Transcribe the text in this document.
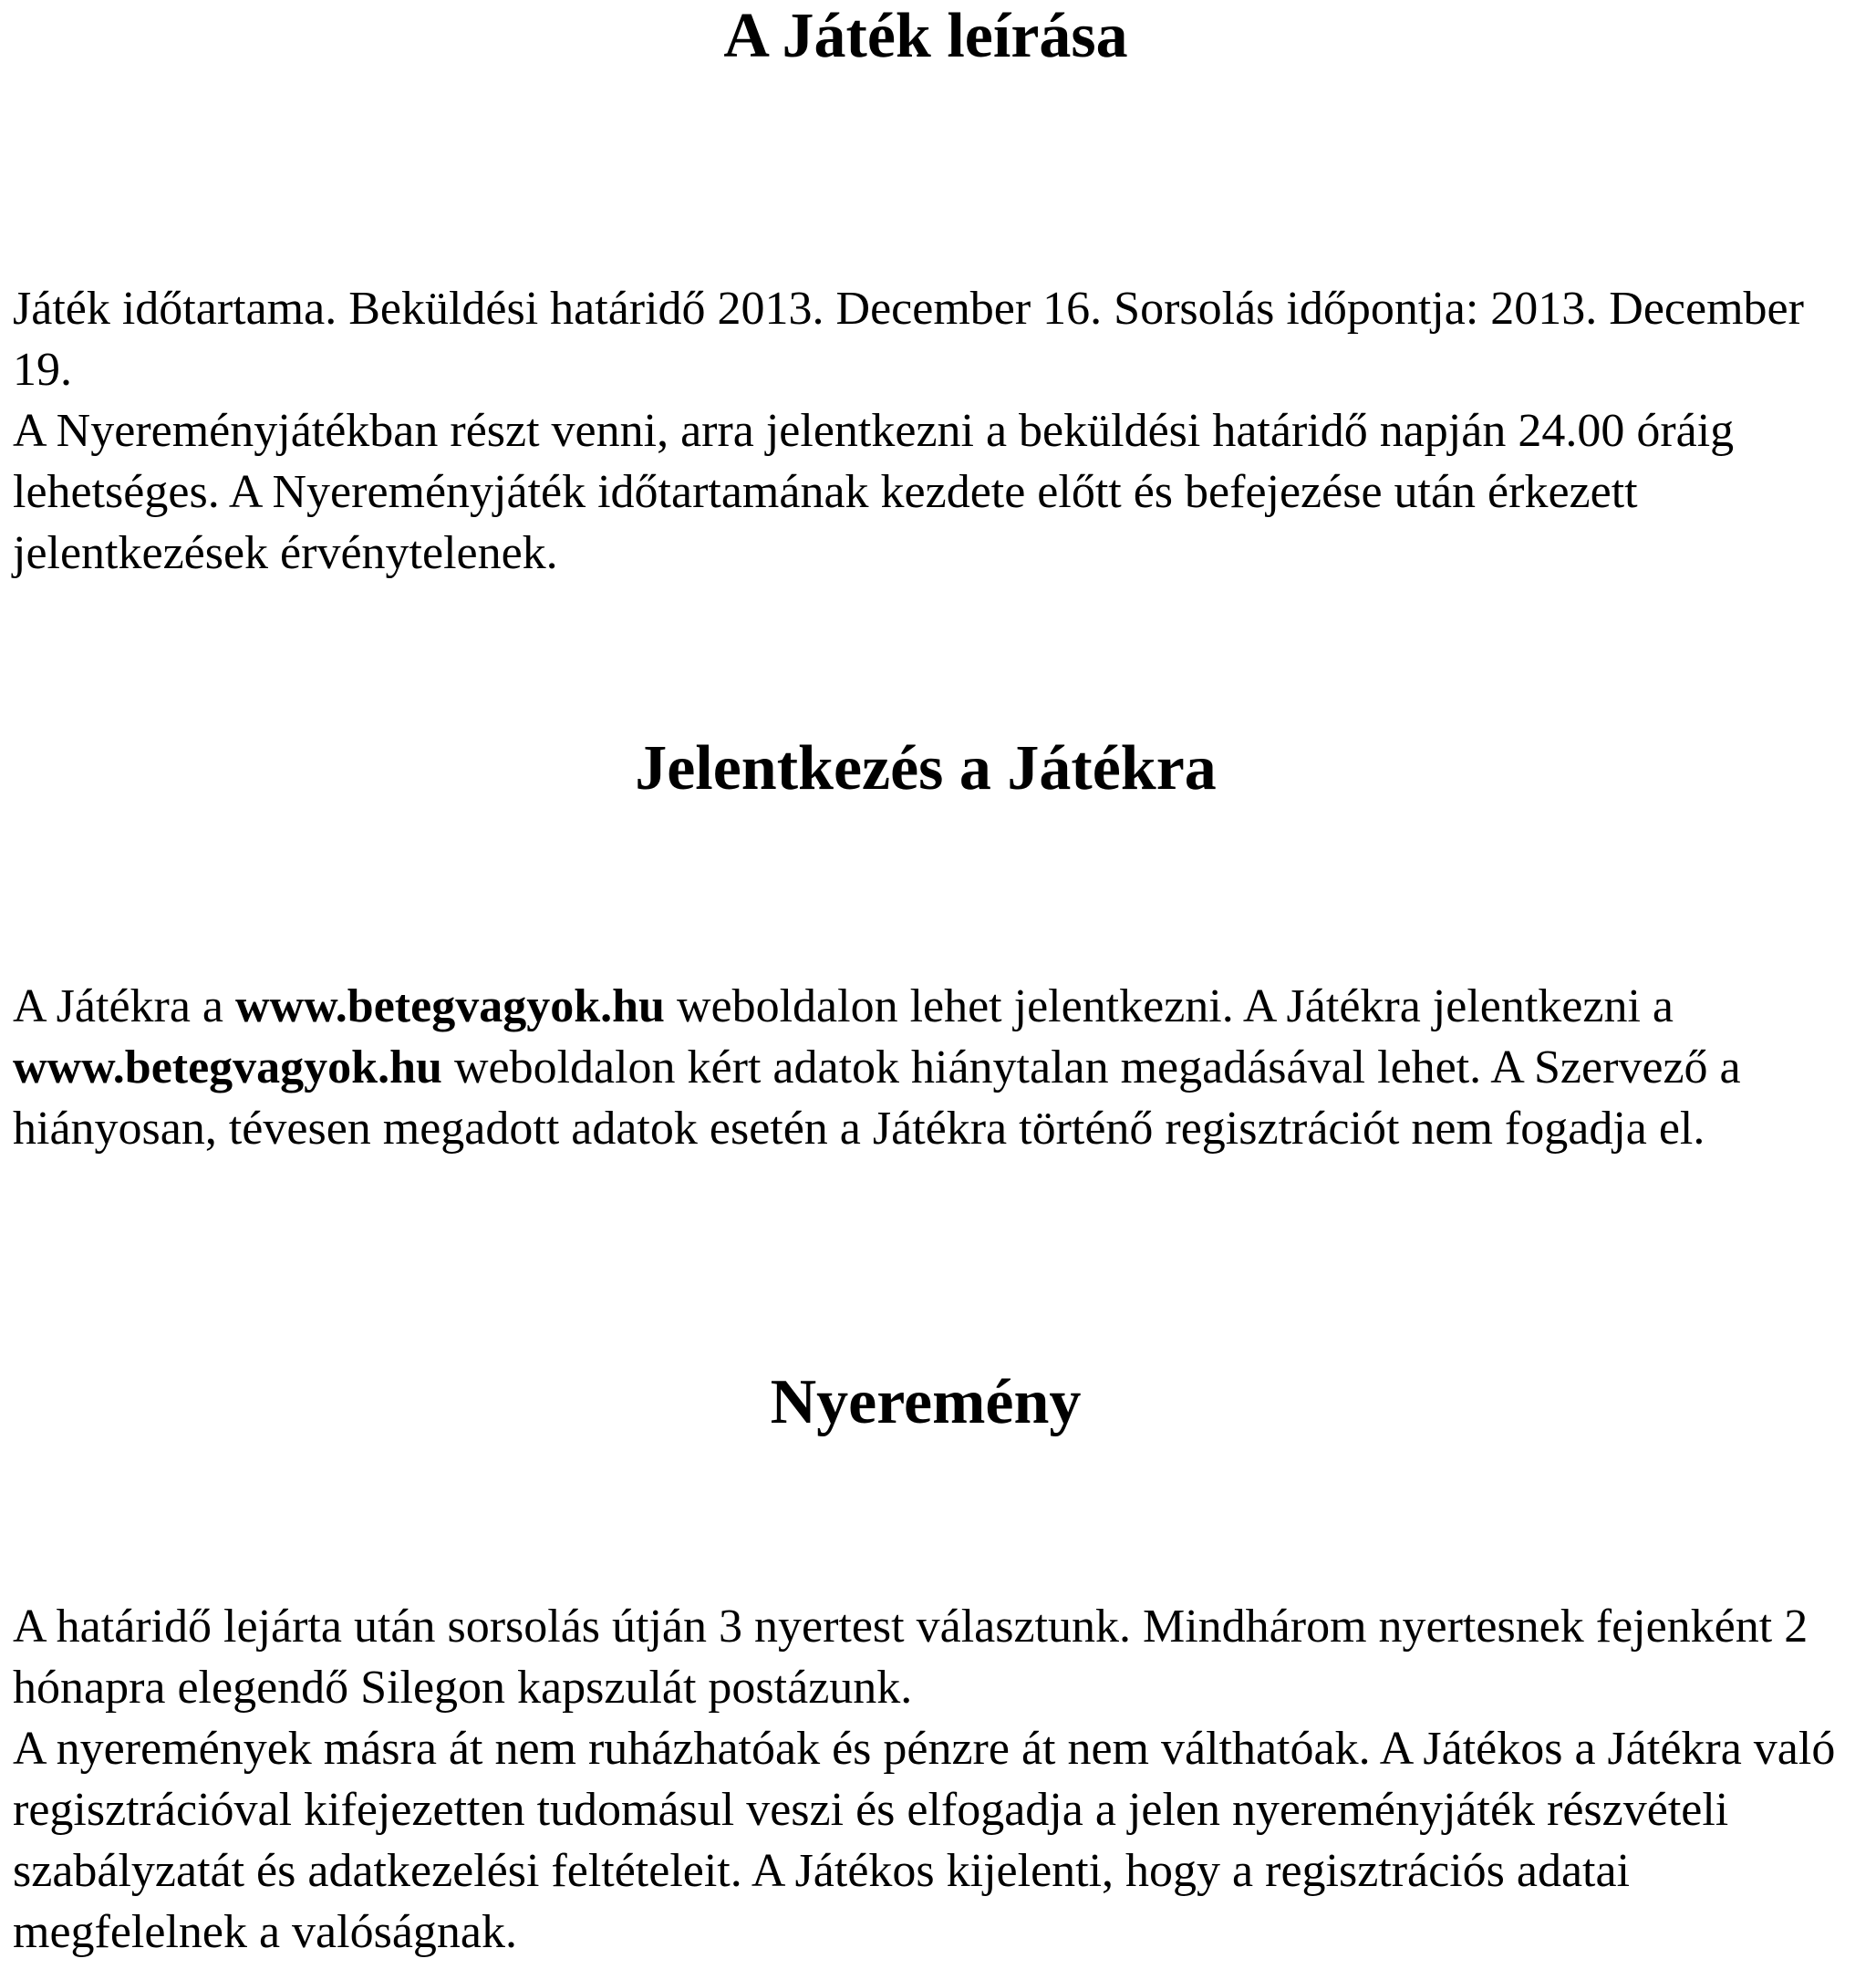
A Játék leírása

Játék időtartama. Beküldési határidő 2013. December 16. Sorsolás időpontja: 2013. December 19.

A Nyereményjátékban részt venni, arra jelentkezni a beküldési határidő napján 24.00 óráig lehetséges. A Nyereményjáték időtartamának kezdete előtt és befejezése után érkezett jelentkezések érvénytelenek.

Jelentkezés a Játékra

A Játékra a www.betegvagyok.hu weboldalon lehet jelentkezni. A Játékra jelentkezni a www.betegvagyok.hu weboldalon kért adatok hiánytalan megadásával lehet. A Szervező a hiányosan, tévesen megadott adatok esetén a Játékra történő regisztrációt nem fogadja el.

Nyeremény

A határidő lejárta után sorsolás útján 3 nyertest választunk. Mindhárom nyertesnek fejenként 2 hónapra elegendő Silegon kapszulát postázunk.

A nyeremények másra át nem ruházhatóak és pénzre át nem válthatóak. A Játékos a Játékra való regisztrációval kifejezetten tudomásul veszi és elfogadja a jelen nyereményjáték részvételi szabályzatát és adatkezelési feltételeit. A Játékos kijelenti, hogy a regisztrációs adatai megfelelnek a valóságnak.
